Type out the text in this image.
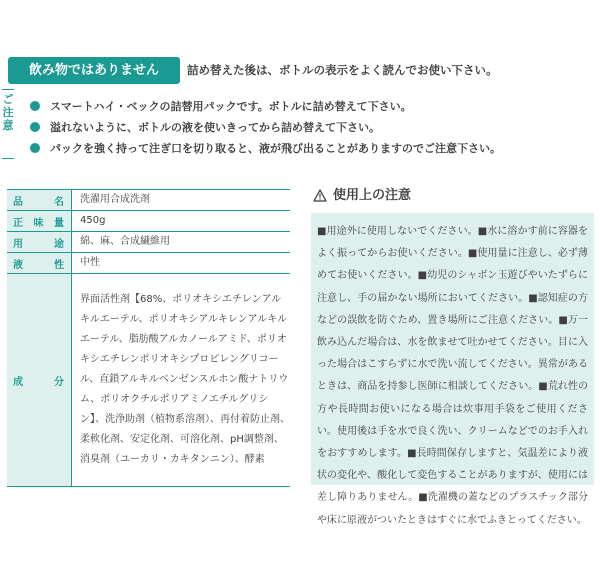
飲み物ではありません	詰め替えた後は、ボトルの表示をよく読んでお使い下さい。
ご
注
意
スマートハイ・ベックの詰替用パックです。ボトルに詰め替えて下さい。
溢れないように、ボトルの液を使いきってから詰め替えて下さい。
パックを強く持って注ぎ口を切り取ると、液が飛び出ることがありますのでご注意下さい。
品名	洗濯用合成洗剤

正味量	450g

用途	綿、麻、合成繊維用

液性	中性

成分	界面活性剤【68%、ポリオキシエチレンアルキルエーテル、ポリオキシアルキレンアルキルエーテル、脂肪酸アルカノールアミド、ポリオキシエチレンポリオキシプロピレングリコール、直鎖アルキルベンゼンスルホン酸ナトリウム、ポリオクチルポリアミノエチルグリシン】、洗浄助剤（植物系溶剤）、再付着防止剤、柔軟化剤、安定化剤、可溶化剤、pH調整剤、消臭剤（ユーカリ・カキタンニン）、酵素
使用上の注意
■用途外に使用しないでください。■水に溶かす前に容器をよく振ってからお使いください。■使用量に注意し、必ず薄めてお使いください。■幼児のシャボン玉遊びやいたずらに注意し、手の届かない場所においてください。■認知症の方などの誤飲を防ぐため、置き場所にご注意ください。■万一飲み込んだ場合は、水を飲ませて吐かせてください。目に入った場合はこすらずに水で洗い流してください。異常があるときは、商品を持参し医師に相談してください。■荒れ性の方や長時間お使いになる場合は炊事用手袋をご使用ください。使用後は手を水で良く洗い、クリームなどでのお手入れをおすすめします。■長時間保存しますと、気温差により液状の変化や、酸化して変色することがありますが、使用には差し障りありません。■洗濯機の蓋などのプラスチック部分や床に原液がついたときはすぐに水でふきとってください。
